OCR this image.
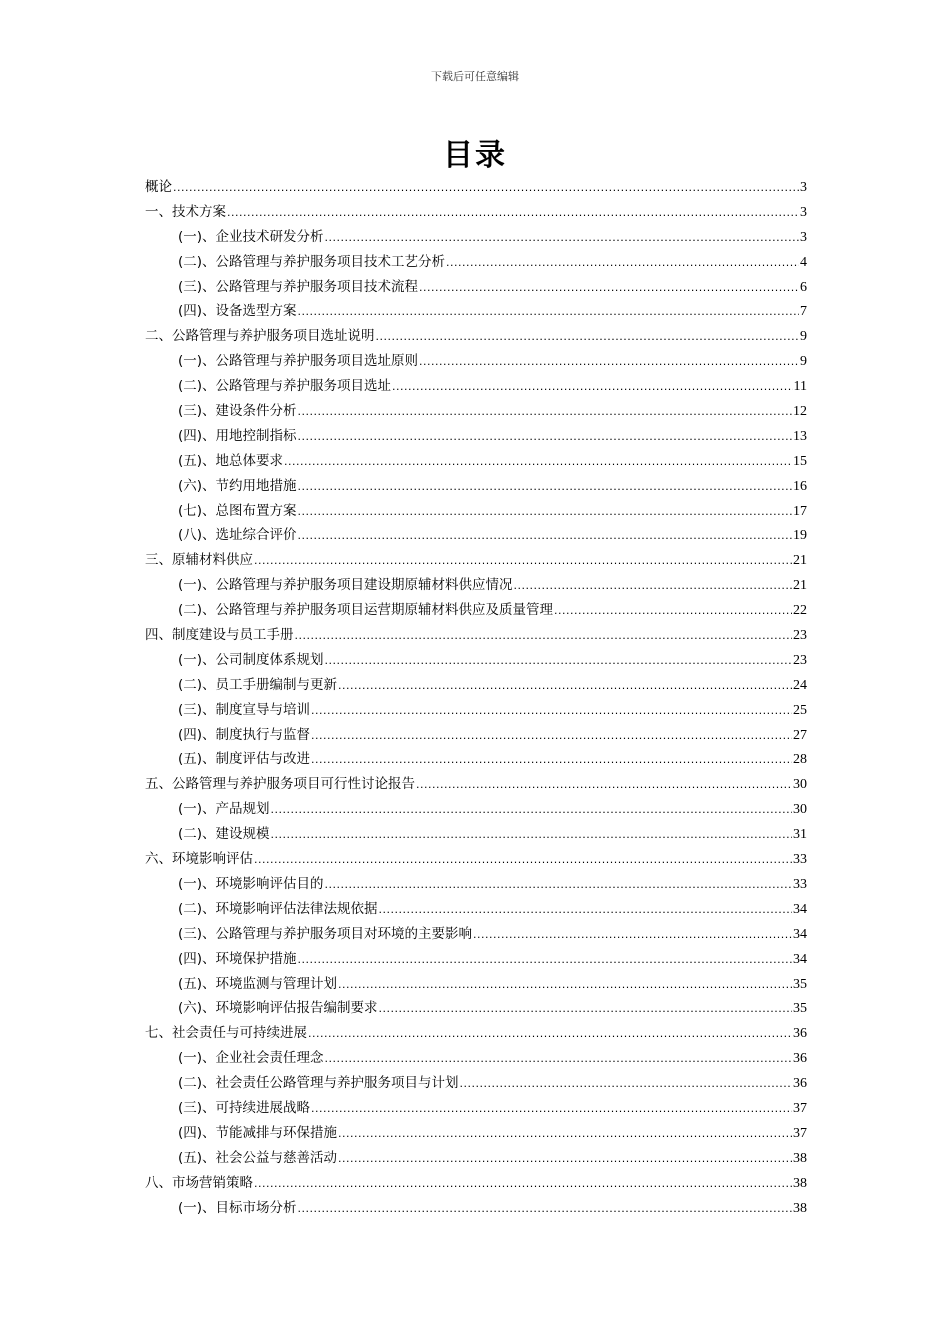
下载后可任意编辑
目录
概论 .....	3
一、技术方案 .....	3
(一)、企业技术研发分析 .....	3
(二)、公路管理与养护服务项目技术工艺分析 .....	4
(三)、公路管理与养护服务项目技术流程 .....	6
(四)、设备选型方案 .....	7
二、公路管理与养护服务项目选址说明 .....	9
(一)、公路管理与养护服务项目选址原则 .....	9
(二)、公路管理与养护服务项目选址 .....	11
(三)、建设条件分析 .....	12
(四)、用地控制指标 .....	13
(五)、地总体要求 .....	15
(六)、节约用地措施 .....	16
(七)、总图布置方案 .....	17
(八)、选址综合评价 .....	19
三、原辅材料供应 .....	21
(一)、公路管理与养护服务项目建设期原辅材料供应情况 .....	21
(二)、公路管理与养护服务项目运营期原辅材料供应及质量管理 .....	22
四、制度建设与员工手册 .....	23
(一)、公司制度体系规划 .....	23
(二)、员工手册编制与更新 .....	24
(三)、制度宣导与培训 .....	25
(四)、制度执行与监督 .....	27
(五)、制度评估与改进 .....	28
五、公路管理与养护服务项目可行性讨论报告 .....	30
(一)、产品规划 .....	30
(二)、建设规模 .....	31
六、环境影响评估 .....	33
(一)、环境影响评估目的 .....	33
(二)、环境影响评估法律法规依据 .....	34
(三)、公路管理与养护服务项目对环境的主要影响 .....	34
(四)、环境保护措施 .....	34
(五)、环境监测与管理计划 .....	35
(六)、环境影响评估报告编制要求 .....	35
七、社会责任与可持续进展 .....	36
(一)、企业社会责任理念 .....	36
(二)、社会责任公路管理与养护服务项目与计划 .....	36
(三)、可持续进展战略 .....	37
(四)、节能减排与环保措施 .....	37
(五)、社会公益与慈善活动 .....	38
八、市场营销策略 .....	38
(一)、目标市场分析 .....	38
